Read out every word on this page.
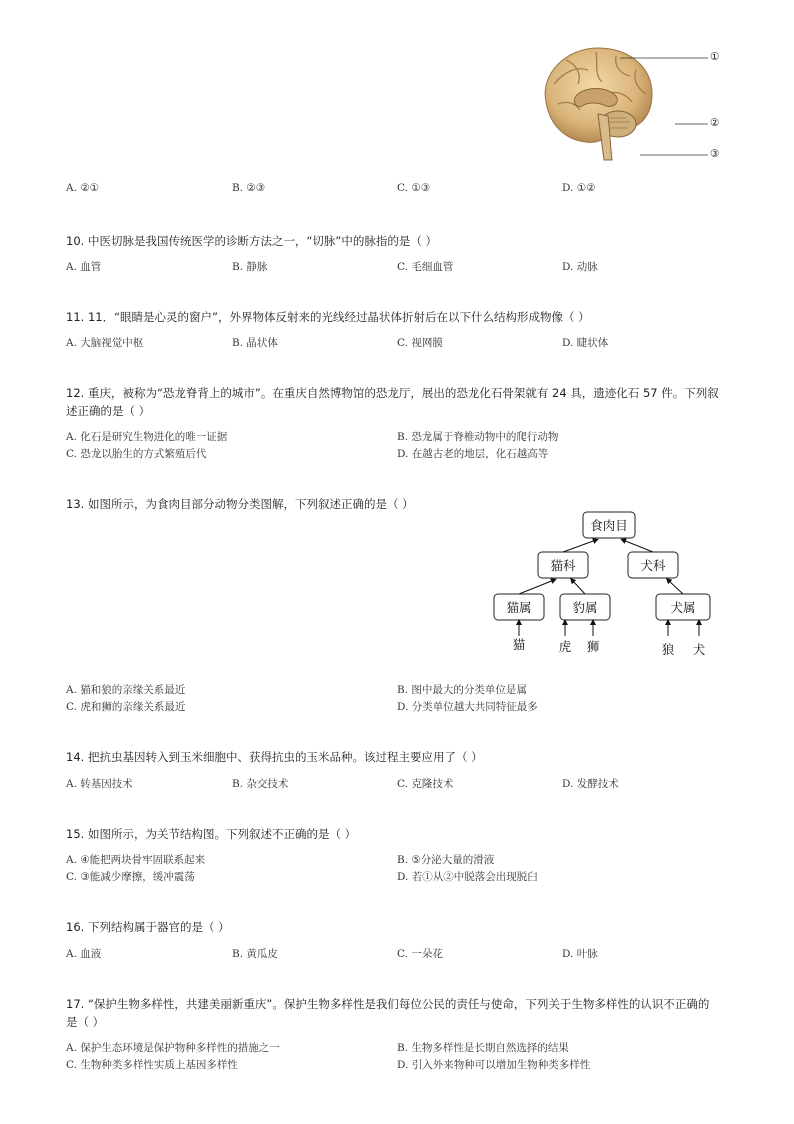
①
②
③
A. ②①	B. ②③	C. ①③	D. ①②
10. 中医切脉是我国传统医学的诊断方法之一，“切脉”中的脉指的是（ ）
A. 血管	B. 静脉	C. 毛细血管	D. 动脉
11. 11．“眼睛是心灵的窗户”，外界物体反射来的光线经过晶状体折射后在以下什么结构形成物像（ ）
A. 大脑视觉中枢	B. 晶状体	C. 视网膜	D. 睫状体
12. 重庆，被称为“恐龙脊背上的城市”。在重庆自然博物馆的恐龙厅，展出的恐龙化石骨架就有 24 具，遗迹化石 57 件。下列叙
述正确的是（ ）
A. 化石是研究生物进化的唯一证据	B. 恐龙属于脊椎动物中的爬行动物
C. 恐龙以胎生的方式繁殖后代	D. 在越古老的地层，化石越高等
13. 如图所示，为食肉目部分动物分类图解，下列叙述正确的是（ ）
食肉目
猫科	犬科
猫属	豹属	犬属
猫	虎 狮	狼 犬
A. 猫和狼的亲缘关系最近	B. 图中最大的分类单位是属
C. 虎和狮的亲缘关系最近	D. 分类单位越大共同特征最多
14. 把抗虫基因转入到玉米细胞中、获得抗虫的玉米品种。该过程主要应用了（ ）
A. 转基因技术	B. 杂交技术	C. 克隆技术	D. 发酵技术
15. 如图所示，为关节结构图。下列叙述不正确的是（ ）
A. ④能把两块骨牢固联系起来	B. ⑤分泌大量的滑液
C. ③能减少摩擦，缓冲震荡	D. 若①从②中脱落会出现脱臼
16. 下列结构属于器官的是（ ）
A. 血液	B. 黄瓜皮	C. 一朵花	D. 叶脉
17. “保护生物多样性，共建美丽新重庆”。保护生物多样性是我们每位公民的责任与使命，下列关于生物多样性的认识不正确的
是（ ）
A. 保护生态环境是保护物种多样性的措施之一	B. 生物多样性是长期自然选择的结果
C. 生物种类多样性实质上基因多样性	D. 引入外来物种可以增加生物种类多样性
